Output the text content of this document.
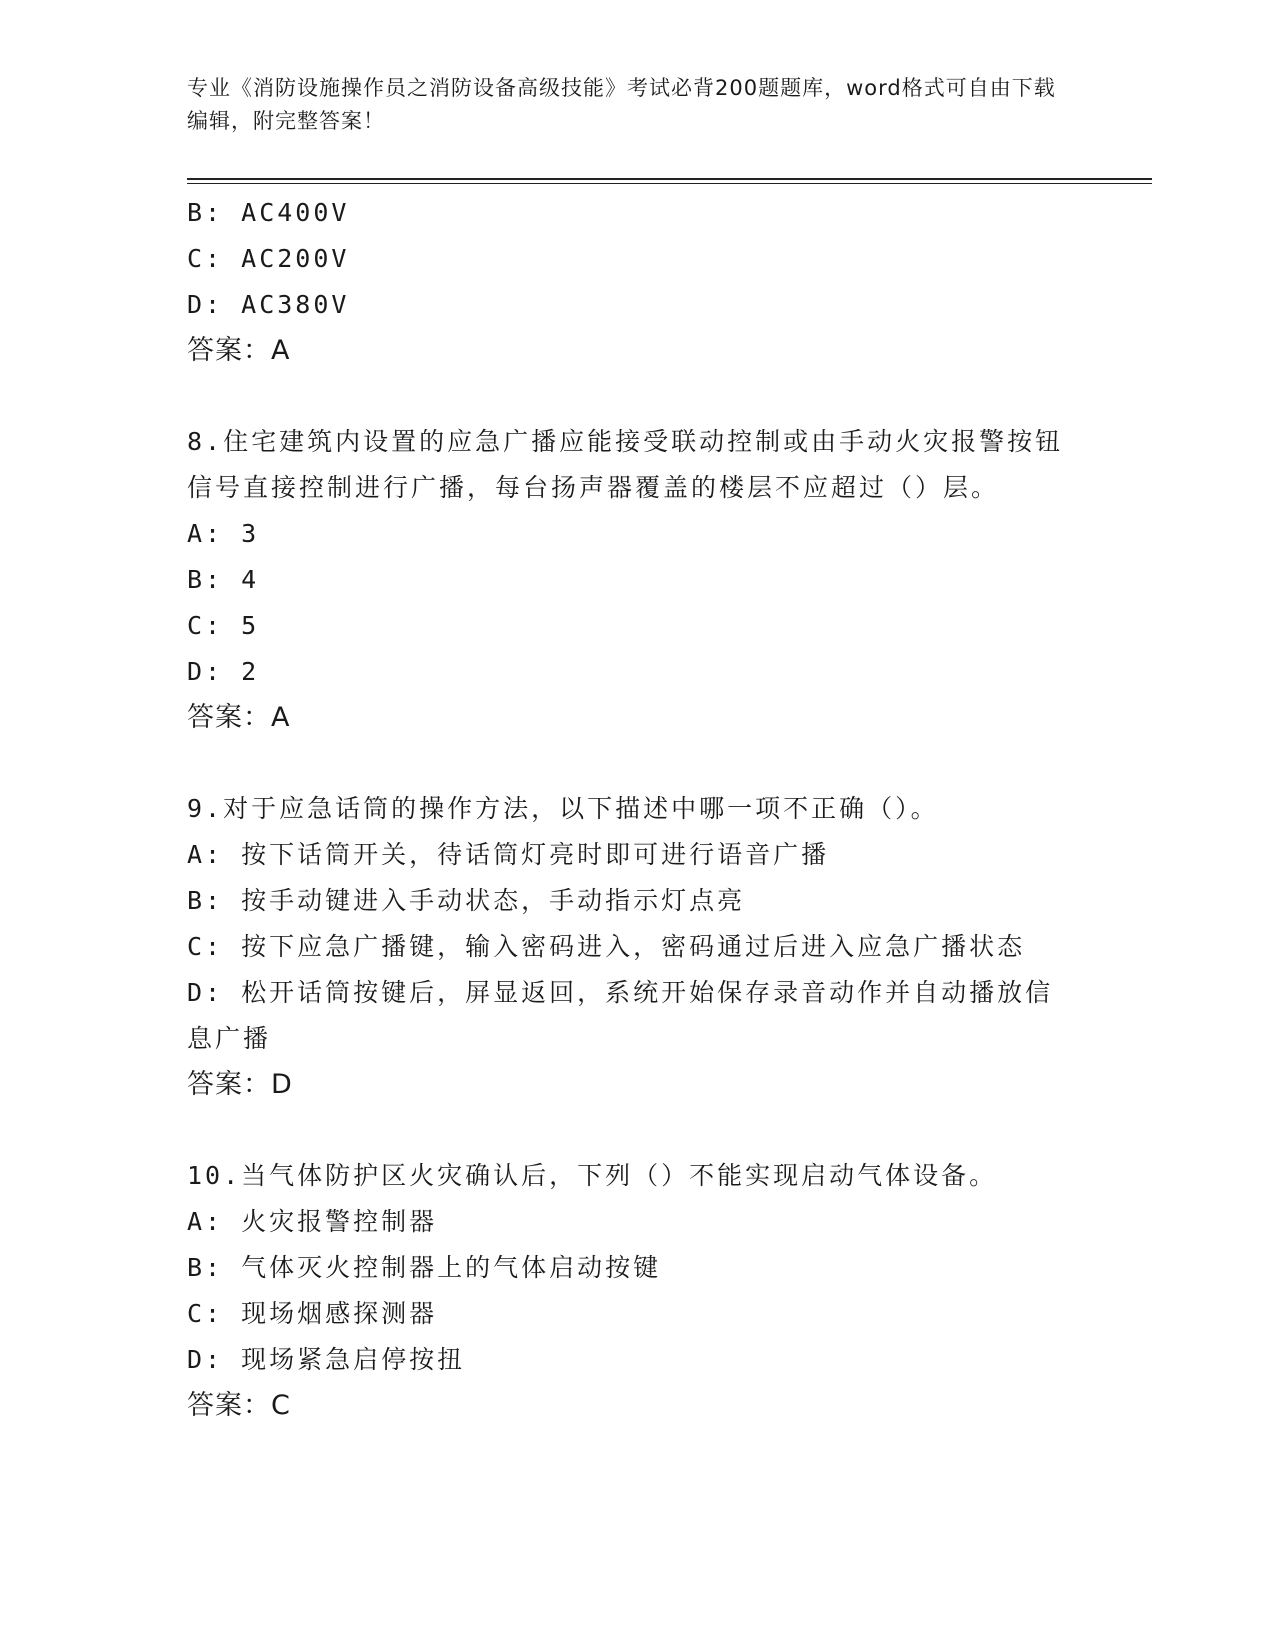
专业《消防设施操作员之消防设备高级技能》考试必背200题题库，word格式可自由下载编辑，附完整答案！
B: AC400V
C: AC200V
D: AC380V
答案：A
8.住宅建筑内设置的应急广播应能接受联动控制或由手动火灾报警按钮信号直接控制进行广播，每台扬声器覆盖的楼层不应超过（）层。
A: 3
B: 4
C: 5
D: 2
答案：A
9.对于应急话筒的操作方法，以下描述中哪一项不正确（）。
A: 按下话筒开关，待话筒灯亮时即可进行语音广播
B: 按手动键进入手动状态，手动指示灯点亮
C: 按下应急广播键，输入密码进入，密码通过后进入应急广播状态
D: 松开话筒按键后，屏显返回，系统开始保存录音动作并自动播放信息广播
答案：D
10.当气体防护区火灾确认后，下列（）不能实现启动气体设备。
A: 火灾报警控制器
B: 气体灭火控制器上的气体启动按键
C: 现场烟感探测器
D: 现场紧急启停按扭
答案：C
